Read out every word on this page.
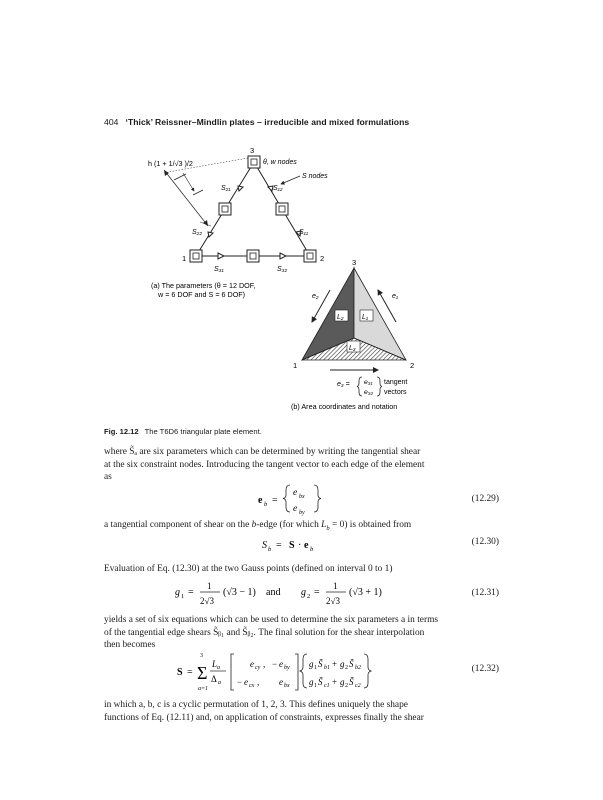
404 ‘Thick’ Reissner–Mindlin plates – irreducible and mixed formulations
h (1 + 1/√3 )/2
3
1	2
θ, w nodes
S nodes
S₂₁	S₁₂
S₂₂	S₁₁
S₃₁	S₃₂
(a) The parameters (θ = 12 DOF,
w = 6 DOF and S = 6 DOF)
L₂	L₁
L₃
3
1	2
e₂	e₁
e₃ = e₃₁
e₃₂
tangent
vectors
(b) Area coordinates and notation
Fig. 12.12 The T6D6 triangular plate element.
where S̃ₐ are six parameters which can be determined by writing the tangential shear
at the six constraint nodes. Introducing the tangent vector to each edge of the element
as
e b =
e bx
e by
(12.29)
a tangential component of shear on the b-edge (for which $L_b = 0$) is obtained from
S b = S · e b
(12.30)
Evaluation of Eq. (12.30) at the two Gauss points (defined on interval 0 to 1)
g 1 =
1
2√3
(√3 − 1) and g 2 =
1
2√3
(√3 + 1)	(12.31)
yields a set of six equations which can be used to determine the six parameters a in terms
of the tangential edge shears S̃ᵦ₁ and S̃ᵦ₂. The final solution for the shear interpolation
then becomes
S =
3
Σ
a=1
L a
Δ a
e cy , − e by
− e cx , e bx
g 1 S̃ b1 + g 2 S̃ b2
g 1 S̃ c1 + g 2 S̃ c2
(12.32)
in which a, b, c is a cyclic permutation of 1, 2, 3. This defines uniquely the shape
functions of Eq. (12.11) and, on application of constraints, expresses finally the shear
